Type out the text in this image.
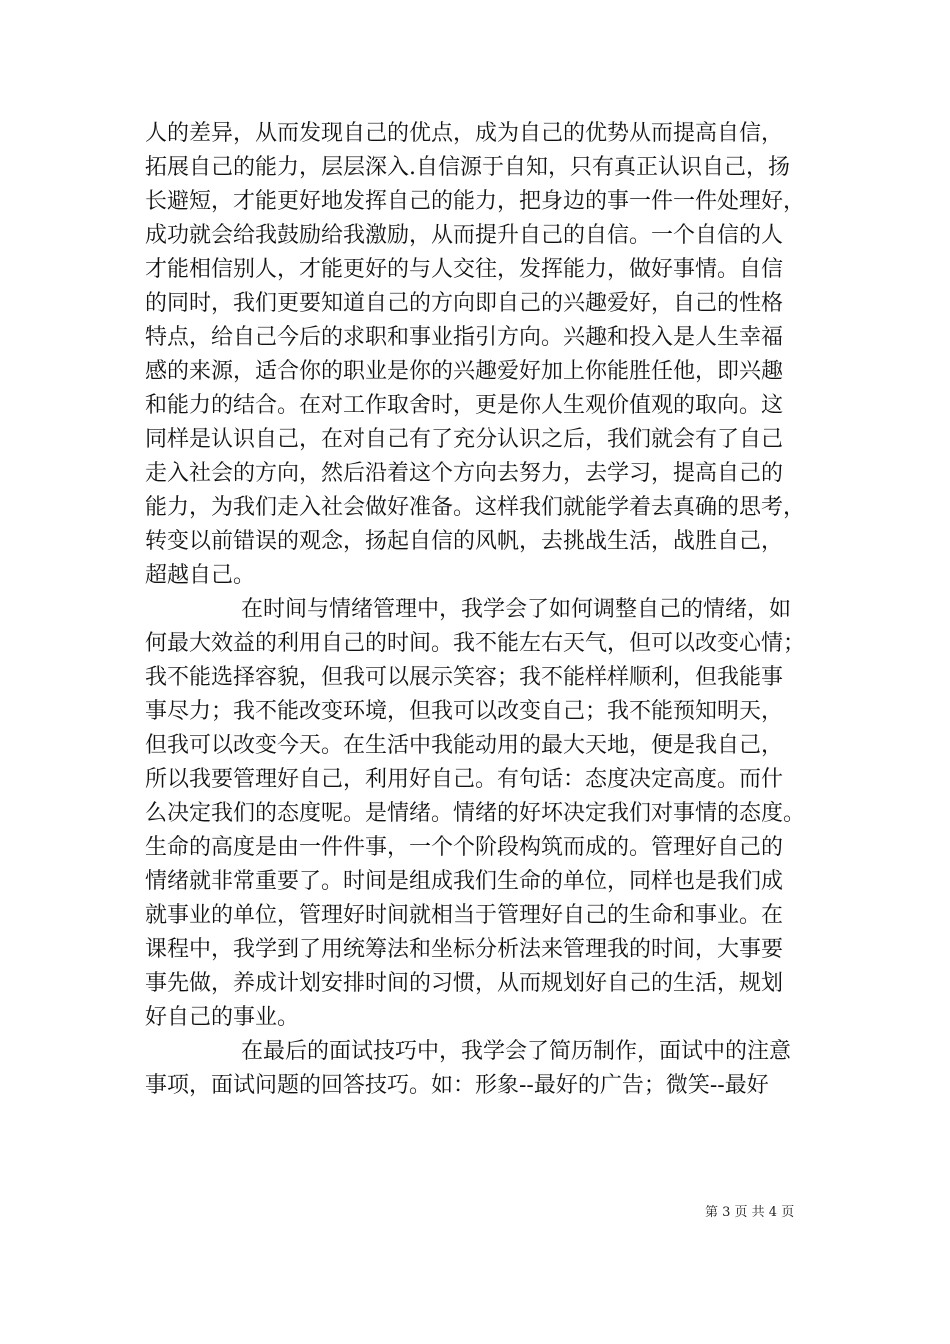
人的差异，从而发现自己的优点，成为自己的优势从而提高自信，
拓展自己的能力，层层深入.自信源于自知，只有真正认识自己，扬
长避短，才能更好地发挥自己的能力，把身边的事一件一件处理好，
成功就会给我鼓励给我激励，从而提升自己的自信。一个自信的人
才能相信别人，才能更好的与人交往，发挥能力，做好事情。自信
的同时，我们更要知道自己的方向即自己的兴趣爱好，自己的性格
特点，给自己今后的求职和事业指引方向。兴趣和投入是人生幸福
感的来源，适合你的职业是你的兴趣爱好加上你能胜任他，即兴趣
和能力的结合。在对工作取舍时，更是你人生观价值观的取向。这
同样是认识自己，在对自己有了充分认识之后，我们就会有了自己
走入社会的方向，然后沿着这个方向去努力，去学习，提高自己的
能力，为我们走入社会做好准备。这样我们就能学着去真确的思考，
转变以前错误的观念，扬起自信的风帆，去挑战生活，战胜自己，
超越自己。
在时间与情绪管理中，我学会了如何调整自己的情绪，如
何最大效益的利用自己的时间。我不能左右天气，但可以改变心情；
我不能选择容貌，但我可以展示笑容；我不能样样顺利，但我能事
事尽力；我不能改变环境，但我可以改变自己；我不能预知明天，
但我可以改变今天。在生活中我能动用的最大天地，便是我自己，
所以我要管理好自己，利用好自己。有句话：态度决定高度。而什
么决定我们的态度呢。是情绪。情绪的好坏决定我们对事情的态度。
生命的高度是由一件件事，一个个阶段构筑而成的。管理好自己的
情绪就非常重要了。时间是组成我们生命的单位，同样也是我们成
就事业的单位，管理好时间就相当于管理好自己的生命和事业。在
课程中，我学到了用统筹法和坐标分析法来管理我的时间，大事要
事先做，养成计划安排时间的习惯，从而规划好自己的生活，规划
好自己的事业。
在最后的面试技巧中，我学会了简历制作，面试中的注意
事项，面试问题的回答技巧。如：形象--最好的广告；微笑--最好
第 3 页 共 4 页
